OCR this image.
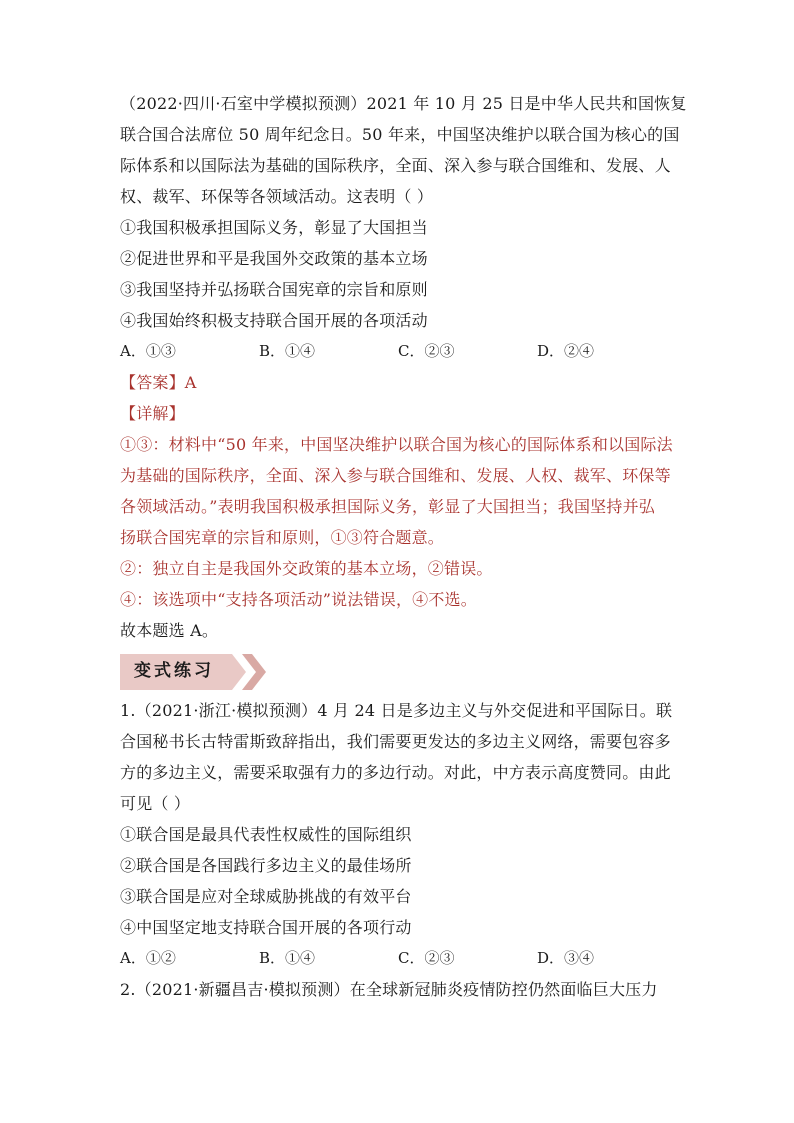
（2022·四川·石室中学模拟预测）2021 年 10 月 25 日是中华人民共和国恢复
联合国合法席位 50 周年纪念日。50 年来，中国坚决维护以联合国为核心的国
际体系和以国际法为基础的国际秩序，全面、深入参与联合国维和、发展、人
权、裁军、环保等各领域活动。这表明（ ）
①我国积极承担国际义务，彰显了大国担当
②促进世界和平是我国外交政策的基本立场
③我国坚持并弘扬联合国宪章的宗旨和原则
④我国始终积极支持联合国开展的各项活动
A．①③	B．①④	C．②③	D．②④
【答案】A
【详解】
①③：材料中“50 年来，中国坚决维护以联合国为核心的国际体系和以国际法
为基础的国际秩序，全面、深入参与联合国维和、发展、人权、裁军、环保等
各领域活动。”表明我国积极承担国际义务，彰显了大国担当；我国坚持并弘
扬联合国宪章的宗旨和原则，①③符合题意。
②：独立自主是我国外交政策的基本立场，②错误。
④：该选项中“支持各项活动”说法错误，④不选。
故本题选 A。
变式练习
1.（2021·浙江·模拟预测）4 月 24 日是多边主义与外交促进和平国际日。联
合国秘书长古特雷斯致辞指出，我们需要更发达的多边主义网络，需要包容多
方的多边主义，需要采取强有力的多边行动。对此，中方表示高度赞同。由此
可见（ ）
①联合国是最具代表性权威性的国际组织
②联合国是各国践行多边主义的最佳场所
③联合国是应对全球威胁挑战的有效平台
④中国坚定地支持联合国开展的各项行动
A．①②	B．①④	C．②③	D．③④
2.（2021·新疆昌吉·模拟预测）在全球新冠肺炎疫情防控仍然面临巨大压力
